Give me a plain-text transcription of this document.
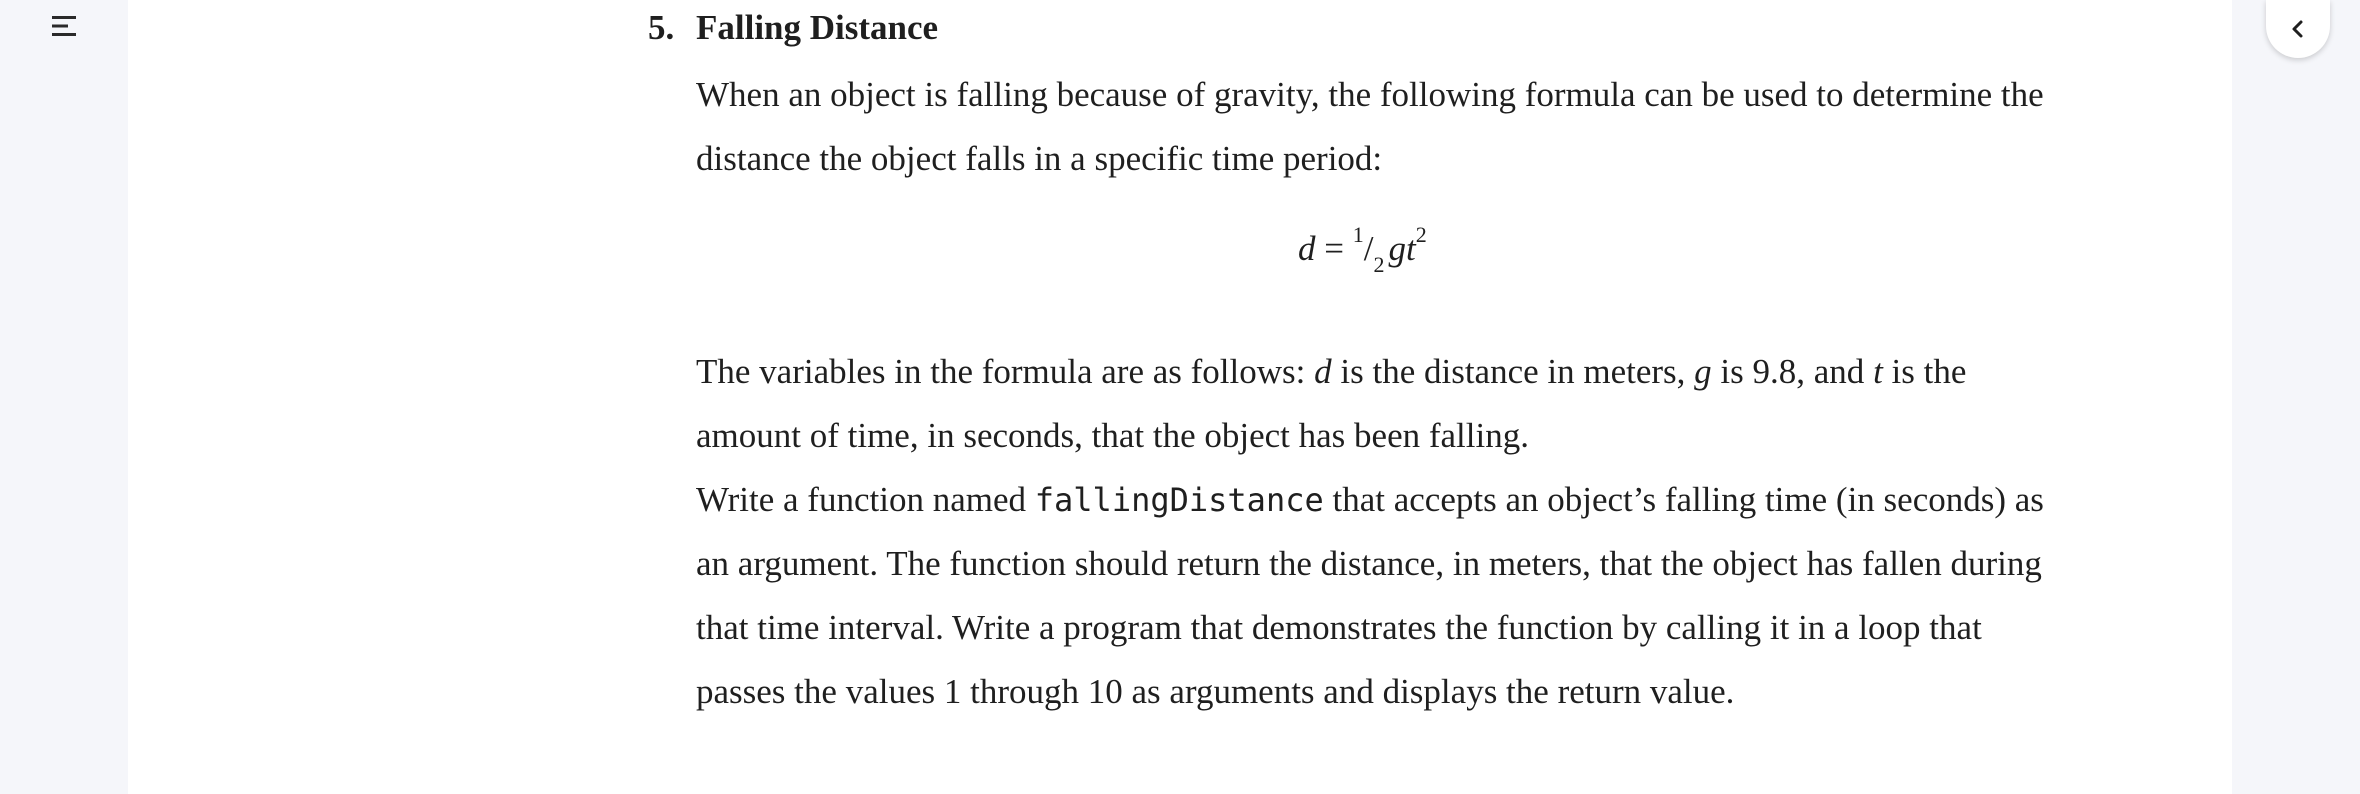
5. Falling Distance

When an object is falling because of gravity, the following formula can be used to determine the distance the object falls in a specific time period:

$d = ^1/_2$ $gt^2$

The variables in the formula are as follows: d is the distance in meters, g is 9.8, and t is the amount of time, in seconds, that the object has been falling.

Write a function named fallingDistance that accepts an object’s falling time (in seconds) as an argument. The function should return the distance, in meters, that the object has fallen during that time interval. Write a program that demonstrates the function by calling it in a loop that passes the values 1 through 10 as arguments and displays the return value.
